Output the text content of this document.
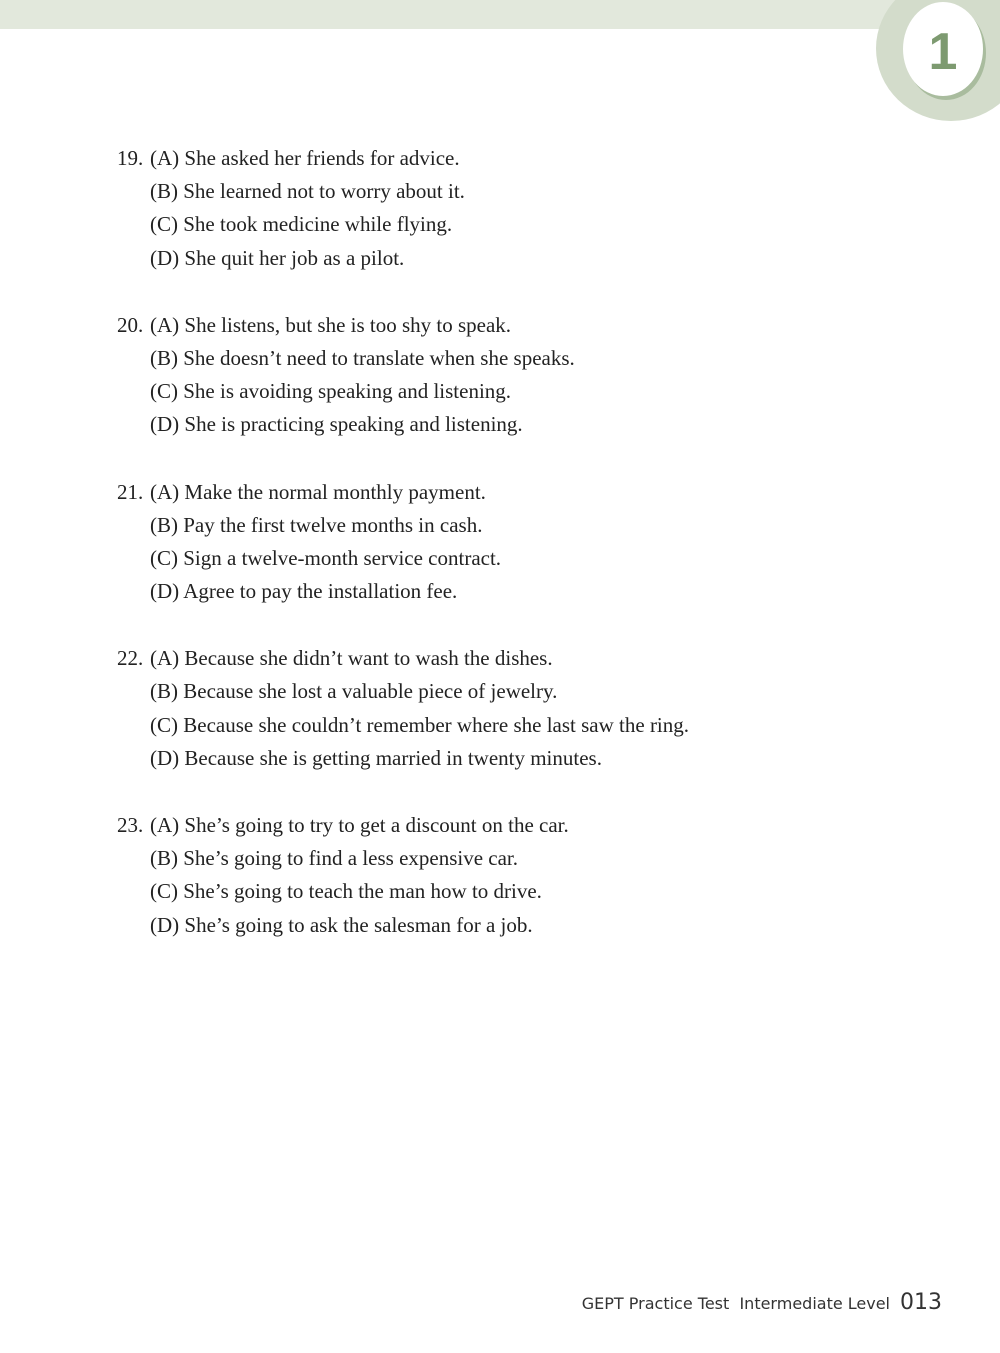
1
19. (A) She asked her friends for advice.
(B) She learned not to worry about it.
(C) She took medicine while flying.
(D) She quit her job as a pilot.
20. (A) She listens, but she is too shy to speak.
(B) She doesn’t need to translate when she speaks.
(C) She is avoiding speaking and listening.
(D) She is practicing speaking and listening.
21. (A) Make the normal monthly payment.
(B) Pay the first twelve months in cash.
(C) Sign a twelve-month service contract.
(D) Agree to pay the installation fee.
22. (A) Because she didn’t want to wash the dishes.
(B) Because she lost a valuable piece of jewelry.
(C) Because she couldn’t remember where she last saw the ring.
(D) Because she is getting married in twenty minutes.
23. (A) She’s going to try to get a discount on the car.
(B) She’s going to find a less expensive car.
(C) She’s going to teach the man how to drive.
(D) She’s going to ask the salesman for a job.
GEPT Practice Test  Intermediate Level 013
